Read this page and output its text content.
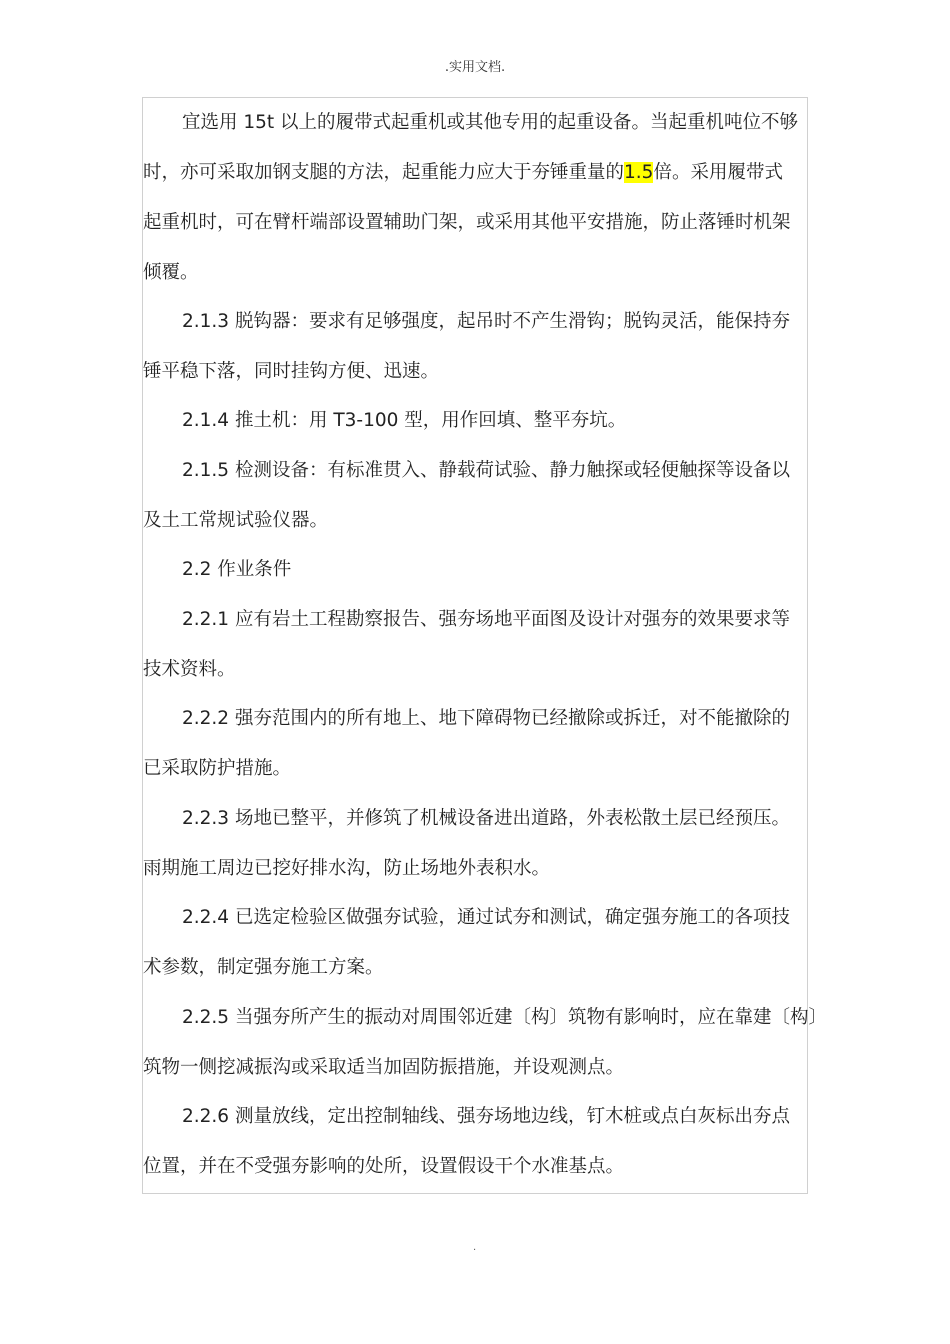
.实用文档.

宜选用 15t 以上的履带式起重机或其他专用的起重设备。当起重机吨位不够

时，亦可采取加钢支腿的方法，起重能力应大于夯锤重量的1.5倍。采用履带式

起重机时，可在臂杆端部设置辅助门架，或采用其他平安措施，防止落锤时机架

倾覆。

2.1.3 脱钩器：要求有足够强度，起吊时不产生滑钩；脱钩灵活，能保持夯

锤平稳下落，同时挂钩方便、迅速。

2.1.4 推土机：用 T3-100 型，用作回填、整平夯坑。

2.1.5 检测设备：有标准贯入、静载荷试验、静力触探或轻便触探等设备以

及土工常规试验仪器。

2.2 作业条件

2.2.1 应有岩土工程勘察报告、强夯场地平面图及设计对强夯的效果要求等

技术资料。

2.2.2 强夯范围内的所有地上、地下障碍物已经撤除或拆迁，对不能撤除的

已采取防护措施。

2.2.3 场地已整平，并修筑了机械设备进出道路，外表松散土层已经预压。

雨期施工周边已挖好排水沟，防止场地外表积水。

2.2.4 已选定检验区做强夯试验，通过试夯和测试，确定强夯施工的各项技

术参数，制定强夯施工方案。

2.2.5 当强夯所产生的振动对周围邻近建〔构〕筑物有影响时，应在靠建〔构〕

筑物一侧挖减振沟或采取适当加固防振措施，并设观测点。

2.2.6 测量放线，定出控制轴线、强夯场地边线，钉木桩或点白灰标出夯点

位置，并在不受强夯影响的处所，设置假设干个水准基点。

.
